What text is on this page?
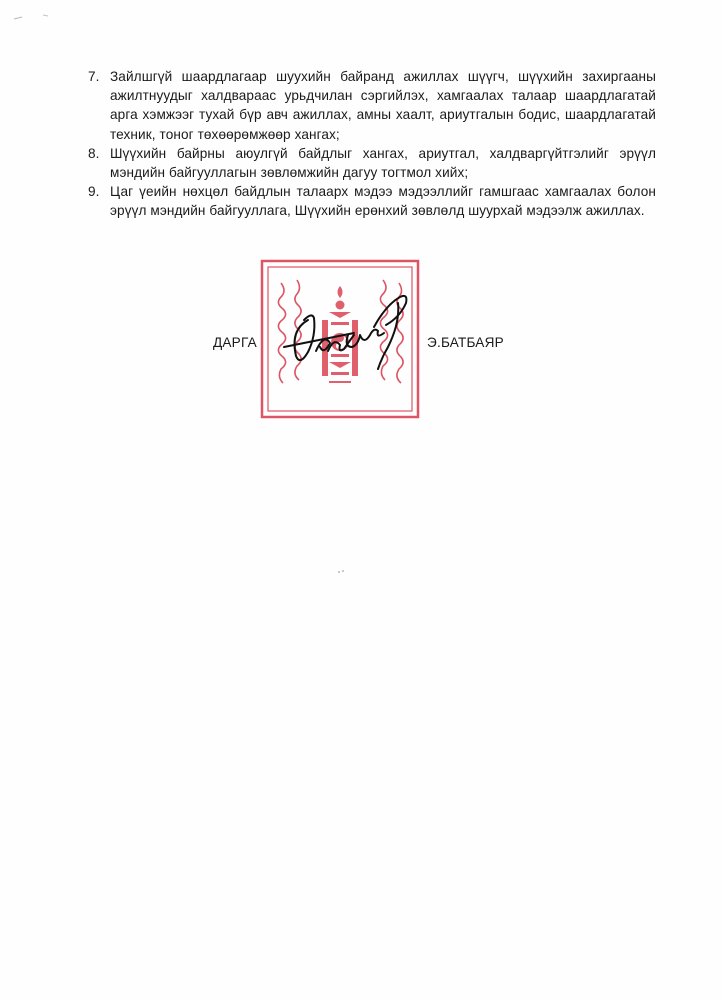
7. Зайлшгүй шаардлагаар шуухийн байранд ажиллах шүүгч, шүүхийн захиргааны ажилтнуудыг халдвараас урьдчилан сэргийлэх, хамгаалах талаар шаардлагатай арга хэмжээг тухай бүр авч ажиллах, амны хаалт, ариутгалын бодис, шаардлагатай техник, тоног төхөөрөмжөөр хангах;
8. Шүүхийн байрны аюулгүй байдлыг хангах, ариутгал, халдваргүйтгэлийг эрүүл мэндийн байгууллагын зөвлөмжийн дагуу тогтмол хийх;
9. Цаг үеийн нөхцөл байдлын талаарх мэдээ мэдээллийг гамшгаас хамгаалах болон эрүүл мэндийн байгууллага, Шүүхийн ерөнхий зөвлөлд шуурхай мэдээлж ажиллах.
ДАРГА	Э.БАТБАЯР
